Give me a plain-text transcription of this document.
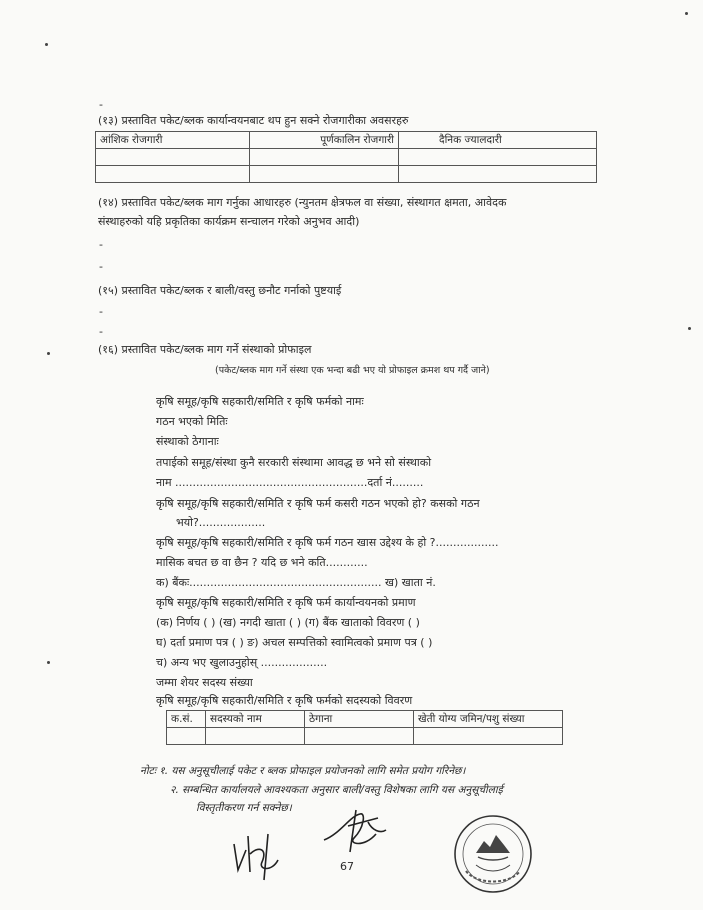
-
(१३) प्रस्तावित पकेट/ब्लक कार्यान्वयनबाट थप हुन सक्ने रोजगारीका अवसरहरु
आंशिक रोजगारी	पूर्णकालिन रोजगारी	दैनिक ज्यालदारी

(१४) प्रस्तावित पकेट/ब्लक माग गर्नुका आधारहरु (न्युनतम क्षेत्रफल वा संख्या, संस्थागत क्षमता, आवेदक
संस्थाहरुको यहि प्रकृतिका कार्यक्रम सन्चालन गरेको अनुभव आदी)
-
-
(१५) प्रस्तावित पकेट/ब्लक र बाली/वस्तु छनौट गर्नाको पुष्टयाई
-
-
(१६) प्रस्तावित पकेट/ब्लक माग गर्ने संस्थाको प्रोफाइल
(पकेट/ब्लक माग गर्ने संस्था एक भन्दा बढी भए यो प्रोफाइल क्रमश थप गर्दै जाने)
कृषि समूह/कृषि सहकारी/समिति र कृषि फर्मको नामः
गठन भएको मितिः
संस्थाको ठेगानाः
तपाईको समूह/संस्था कुनै सरकारी संस्थामा आवद्ध छ भने सो संस्थाको
नाम .......................................................दर्ता नं.........
कृषि समूह/कृषि सहकारी/समिति र कृषि फर्म कसरी गठन भएको हो? कसको गठन
भयो?...................
कृषि समूह/कृषि सहकारी/समिति र कृषि फर्म गठन खास उद्देश्य के हो ?..................
मासिक बचत छ वा छैन ? यदि छ भने कति............
क) बैंकः....................................................... ख) खाता नं.
कृषि समूह/कृषि सहकारी/समिति र कृषि फर्म कार्यान्वयनको प्रमाण
(क) निर्णय ( ) (ख) नगदी खाता ( ) (ग) बैंक खाताको विवरण ( )
घ) दर्ता प्रमाण पत्र ( ) ङ) अचल सम्पत्तिको स्वामित्वको प्रमाण पत्र ( )
च) अन्य भए खुलाउनुहोस् ...................
जम्मा शेयर सदस्य संख्या
कृषि समूह/कृषि सहकारी/समिति र कृषि फर्मको सदस्यको विवरण
क.सं.	सदस्यको नाम	ठेगाना	खेती योग्य जमिन/पशु संख्या

नोटः १. यस अनुसूचीलाई पकेट र ब्लक प्रोफाइल प्रयोजनको लागि समेत प्रयोग गरिनेछ।
२. सम्बन्धित कार्यालयले आवश्यकता अनुसार बाली/वस्तु विशेषका लागि यस अनुसूचीलाई
विस्तृतीकरण गर्न सक्नेछ।
67
